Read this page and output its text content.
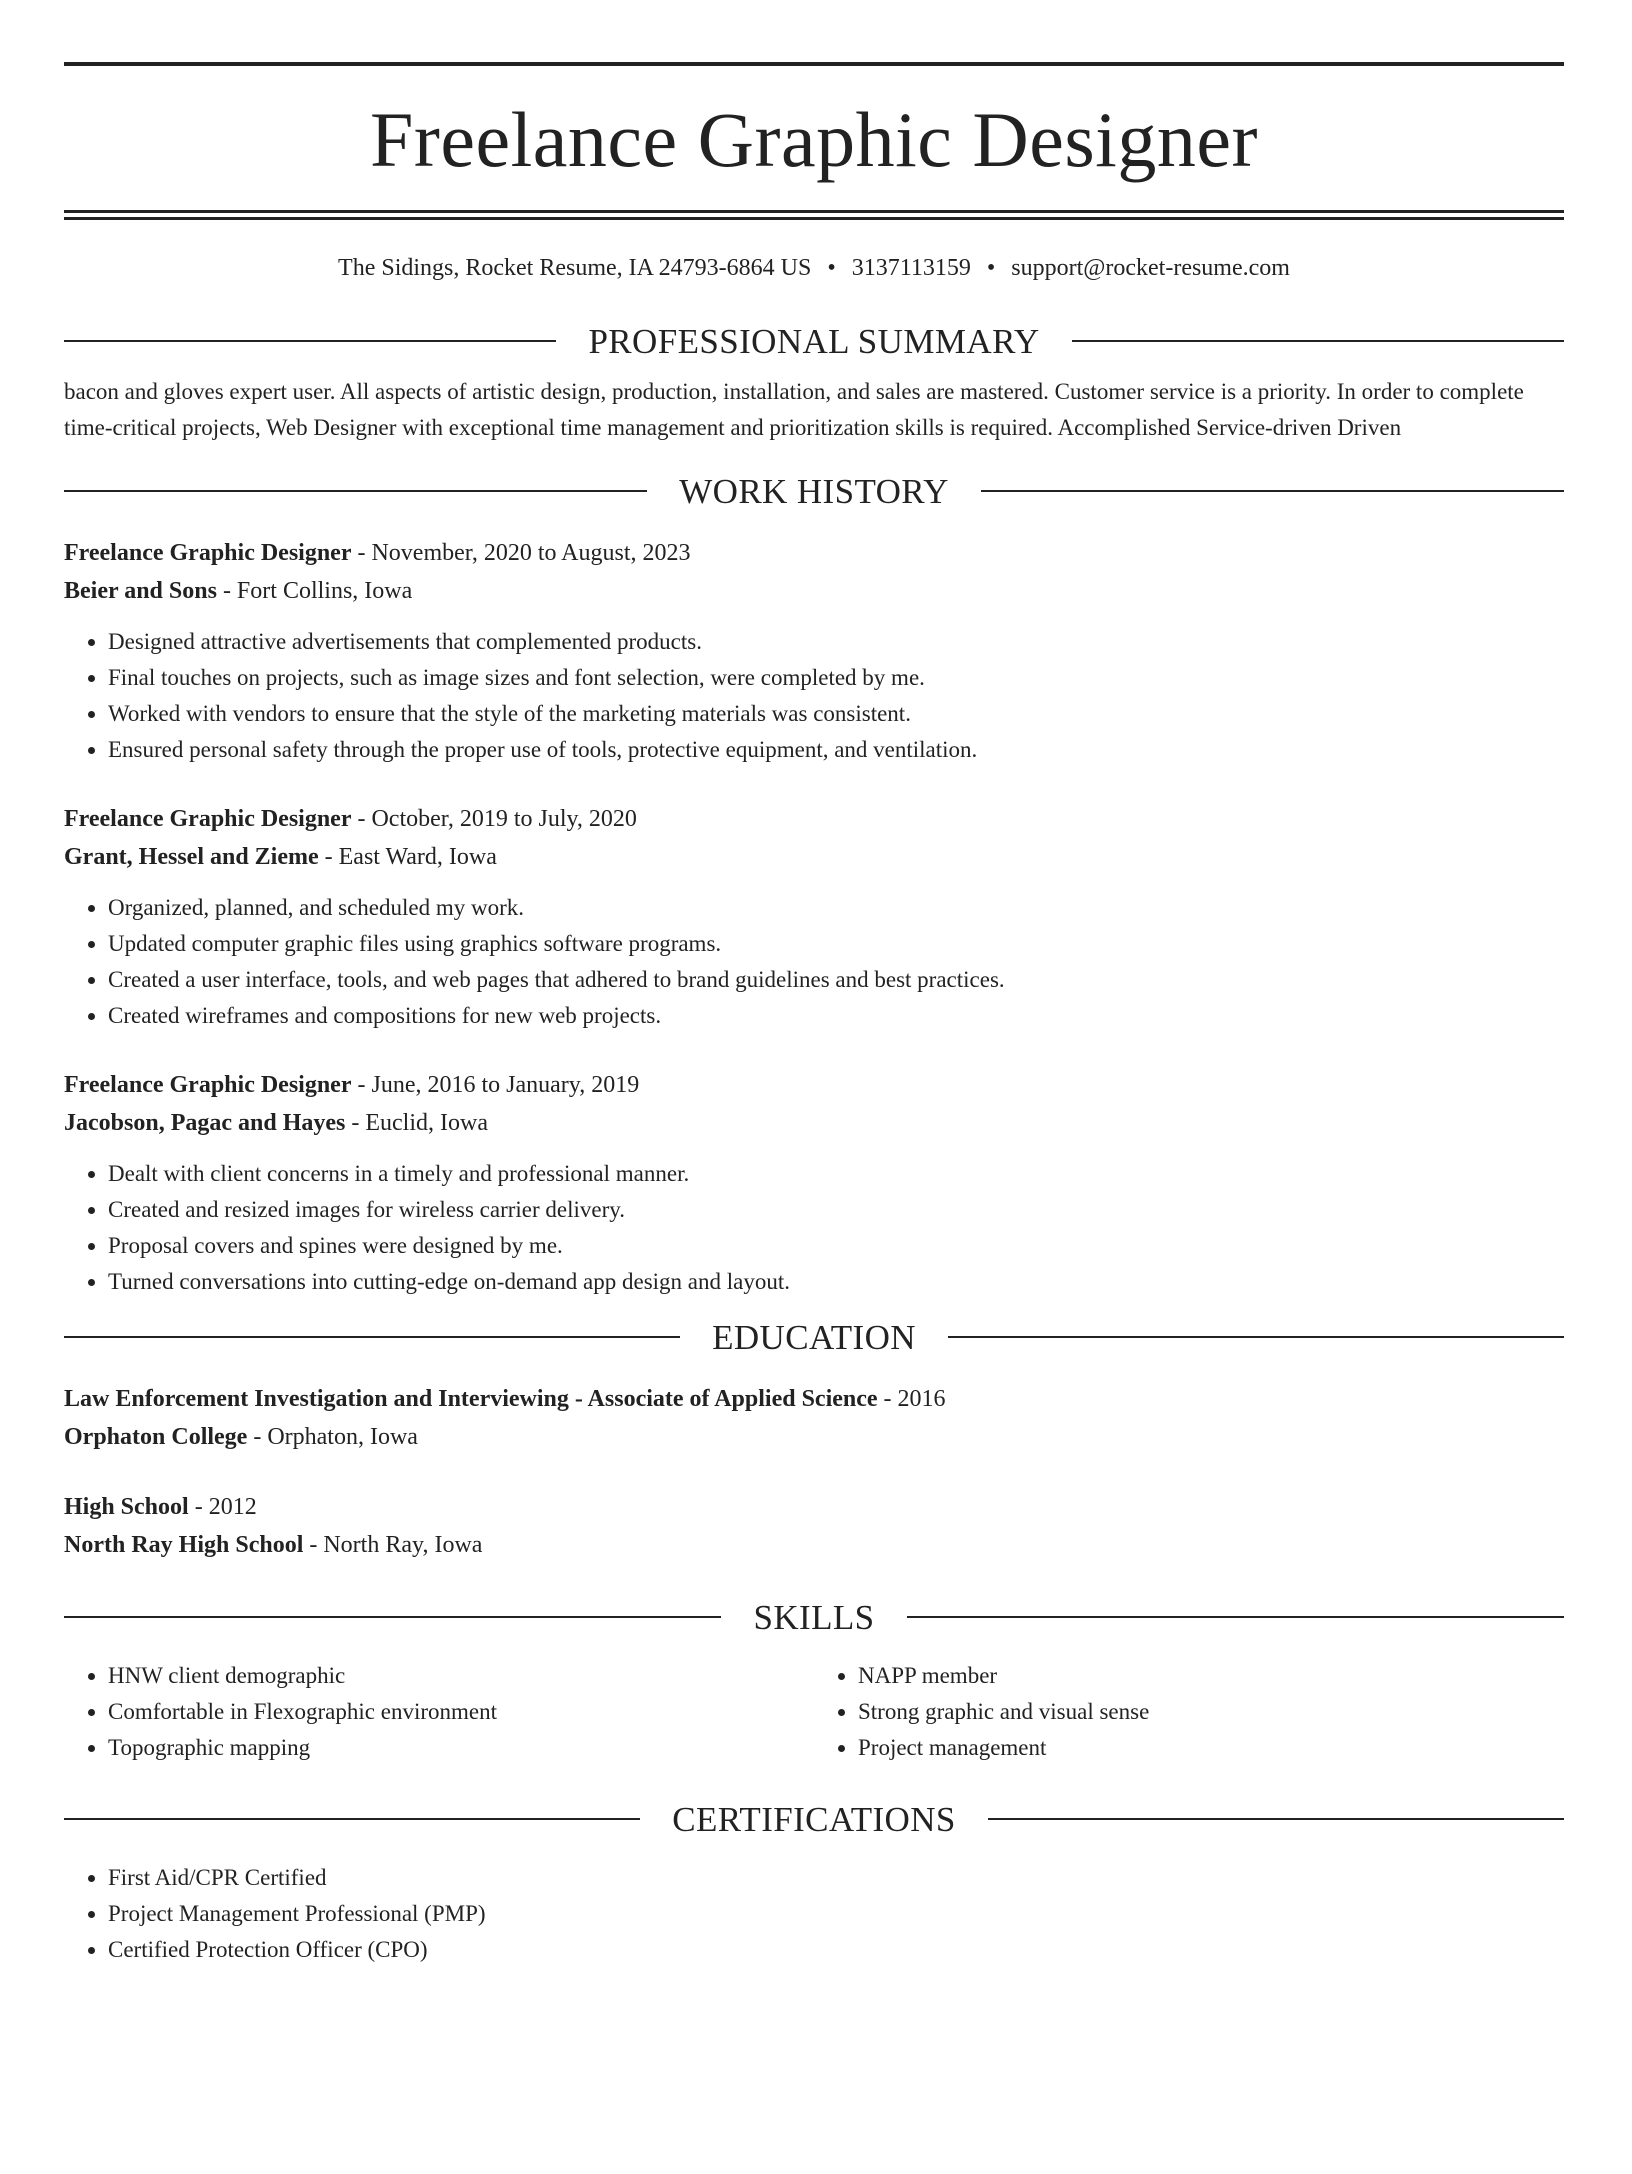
Freelance Graphic Designer
The Sidings, Rocket Resume, IA 24793-6864 US • 3137113159 • support@rocket-resume.com
PROFESSIONAL SUMMARY
bacon and gloves expert user. All aspects of artistic design, production, installation, and sales are mastered. Customer service is a priority. In order to complete time-critical projects, Web Designer with exceptional time management and prioritization skills is required. Accomplished Service-driven Driven
WORK HISTORY
Freelance Graphic Designer - November, 2020 to August, 2023
Beier and Sons - Fort Collins, Iowa
• Designed attractive advertisements that complemented products.
• Final touches on projects, such as image sizes and font selection, were completed by me.
• Worked with vendors to ensure that the style of the marketing materials was consistent.
• Ensured personal safety through the proper use of tools, protective equipment, and ventilation.
Freelance Graphic Designer - October, 2019 to July, 2020
Grant, Hessel and Zieme - East Ward, Iowa
• Organized, planned, and scheduled my work.
• Updated computer graphic files using graphics software programs.
• Created a user interface, tools, and web pages that adhered to brand guidelines and best practices.
• Created wireframes and compositions for new web projects.
Freelance Graphic Designer - June, 2016 to January, 2019
Jacobson, Pagac and Hayes - Euclid, Iowa
• Dealt with client concerns in a timely and professional manner.
• Created and resized images for wireless carrier delivery.
• Proposal covers and spines were designed by me.
• Turned conversations into cutting-edge on-demand app design and layout.
EDUCATION
Law Enforcement Investigation and Interviewing - Associate of Applied Science - 2016
Orphaton College - Orphaton, Iowa
High School - 2012
North Ray High School - North Ray, Iowa
SKILLS
• HNW client demographic
• Comfortable in Flexographic environment
• Topographic mapping
• NAPP member
• Strong graphic and visual sense
• Project management
CERTIFICATIONS
• First Aid/CPR Certified
• Project Management Professional (PMP)
• Certified Protection Officer (CPO)
